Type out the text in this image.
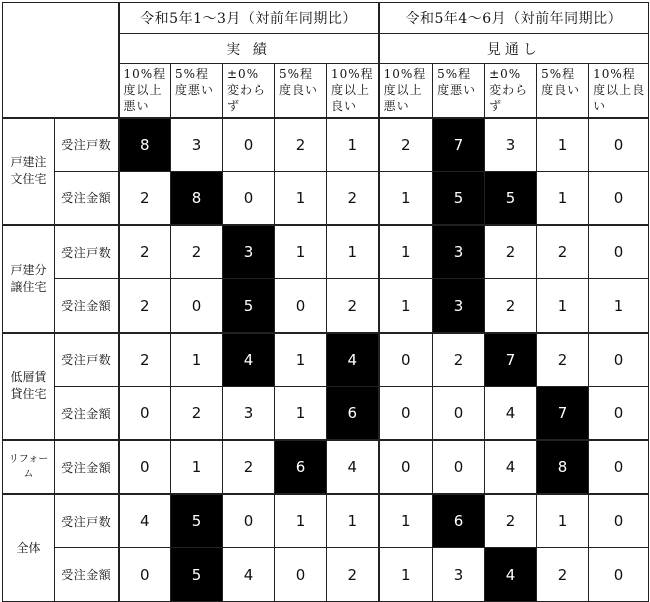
		令和5年1～3月（対前年同期比）					令和5年4～6月（対前年同期比）				
		実 績					見通し				
		10%程度以上悪い	5%程度悪い	±0%変わらず	5%程度良い	10%程度以上良い	10%程度以上悪い	5%程度悪い	±0%変わらず	5%程度良い	10%程度以上良い
戸建注文住宅	受注戸数	8	3	0	2	1	2	7	3	1	0
	受注金額	2	8	0	1	2	1	5	5	1	0
戸建分譲住宅	受注戸数	2	2	3	1	1	1	3	2	2	0
	受注金額	2	0	5	0	2	1	3	2	1	1
低層賃貸住宅	受注戸数	2	1	4	1	4	0	2	7	2	0
	受注金額	0	2	3	1	6	0	0	4	7	0
リフォーム	受注金額	0	1	2	6	4	0	0	4	8	0
全体	受注戸数	4	5	0	1	1	1	6	2	1	0
	受注金額	0	5	4	0	2	1	3	4	2	0
